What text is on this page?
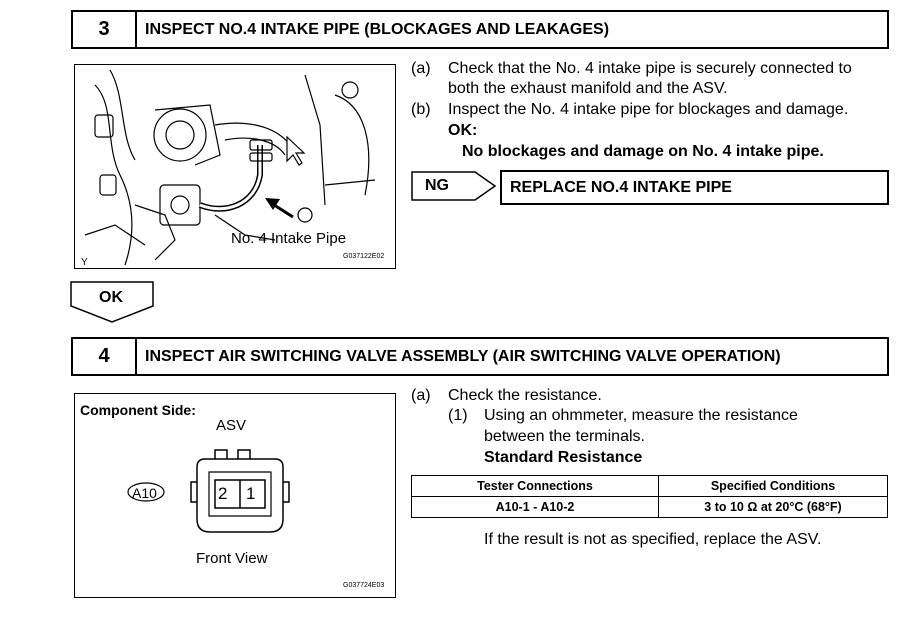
3	INSPECT NO.4 INTAKE PIPE (BLOCKAGES AND LEAKAGES)
No. 4 Intake Pipe
Y
G037122E02
(a) Check that the No. 4 intake pipe is securely connected to
both the exhaust manifold and the ASV.
(b) Inspect the No. 4 intake pipe for blockages and damage.
OK:
No blockages and damage on No. 4 intake pipe.
NG	REPLACE NO.4 INTAKE PIPE
OK
4	INSPECT AIR SWITCHING VALVE ASSEMBLY (AIR SWITCHING VALVE OPERATION)
Component Side:
ASV
2 1
A10
Front View
G037724E03
(a) Check the resistance.
(1) Using an ohmmeter, measure the resistance
between the terminals.
Standard Resistance
Tester Connections	Specified Conditions
A10-1 - A10-2	3 to 10 Ω at 20°C (68°F)
If the result is not as specified, replace the ASV.
